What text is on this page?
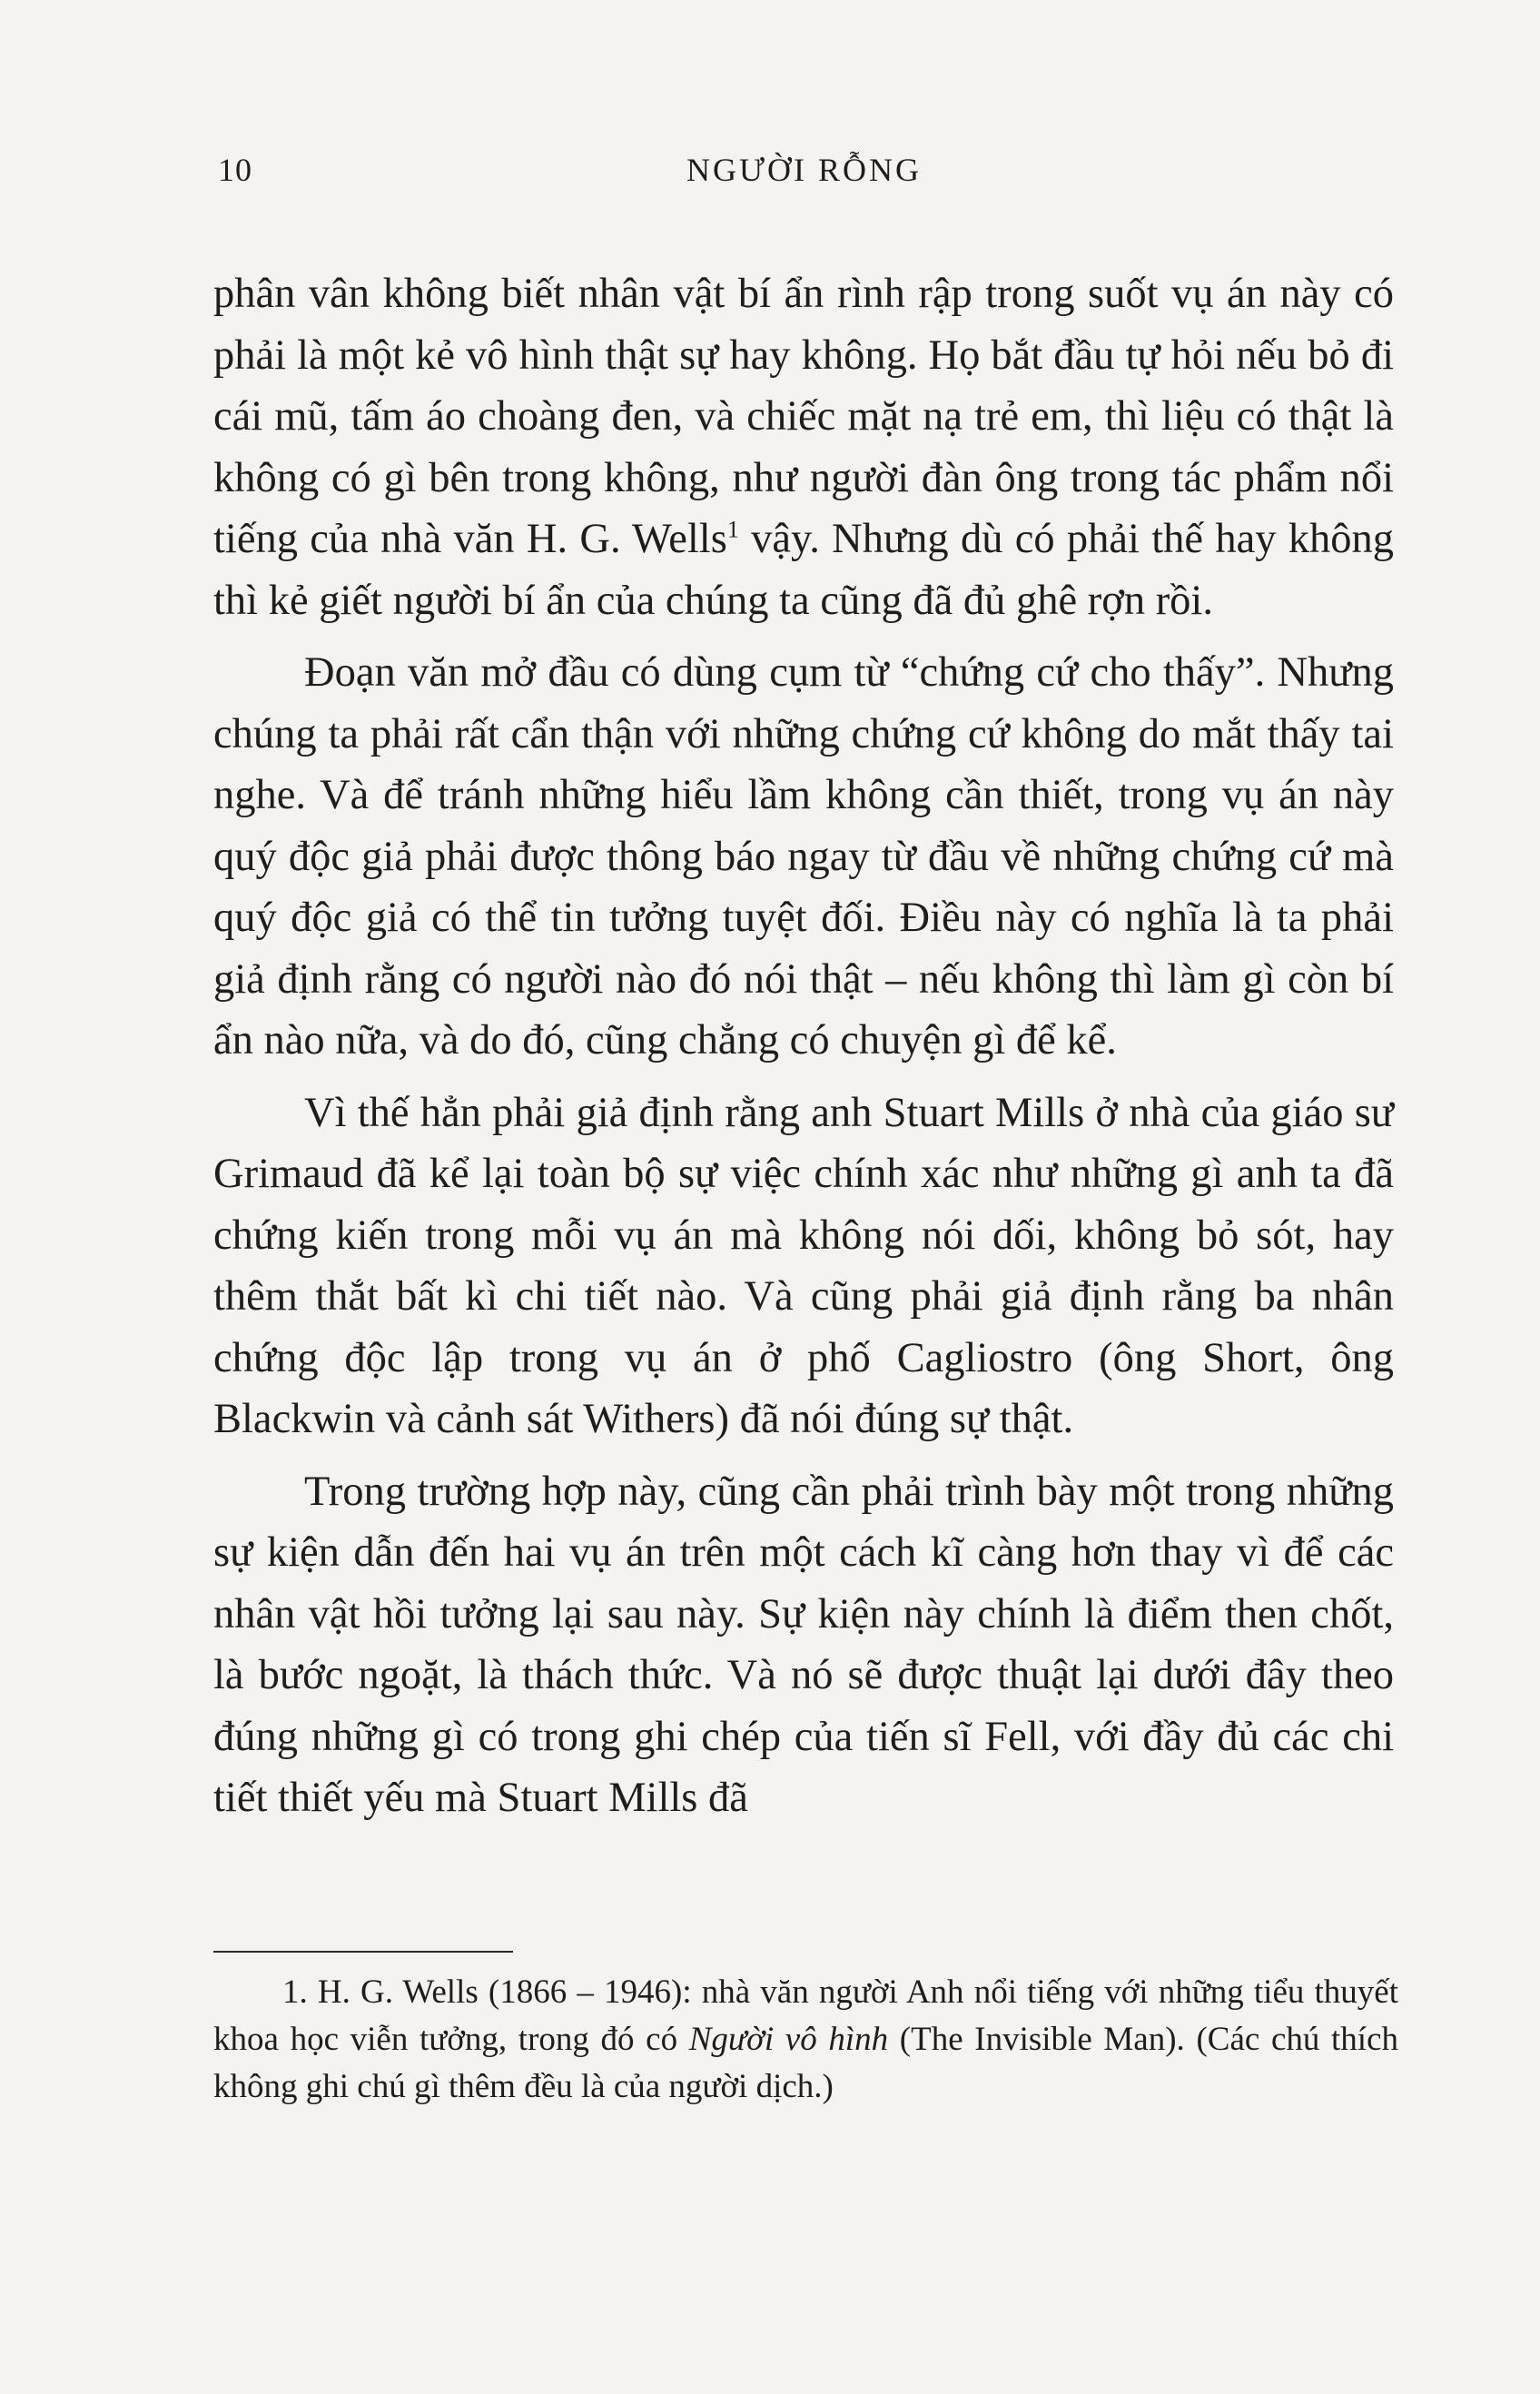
10	NGƯỜI RỖNG

phân vân không biết nhân vật bí ẩn rình rập trong suốt vụ án này có phải là một kẻ vô hình thật sự hay không. Họ bắt đầu tự hỏi nếu bỏ đi cái mũ, tấm áo choàng đen, và chiếc mặt nạ trẻ em, thì liệu có thật là không có gì bên trong không, như người đàn ông trong tác phẩm nổi tiếng của nhà văn H. G. Wells$^1$ vậy. Nhưng dù có phải thế hay không thì kẻ giết người bí ẩn của chúng ta cũng đã đủ ghê rợn rồi.

Đoạn văn mở đầu có dùng cụm từ “chứng cứ cho thấy”. Nhưng chúng ta phải rất cẩn thận với những chứng cứ không do mắt thấy tai nghe. Và để tránh những hiểu lầm không cần thiết, trong vụ án này quý độc giả phải được thông báo ngay từ đầu về những chứng cứ mà quý độc giả có thể tin tưởng tuyệt đối. Điều này có nghĩa là ta phải giả định rằng có người nào đó nói thật – nếu không thì làm gì còn bí ẩn nào nữa, và do đó, cũng chẳng có chuyện gì để kể.

Vì thế hẳn phải giả định rằng anh Stuart Mills ở nhà của giáo sư Grimaud đã kể lại toàn bộ sự việc chính xác như những gì anh ta đã chứng kiến trong mỗi vụ án mà không nói dối, không bỏ sót, hay thêm thắt bất kì chi tiết nào. Và cũng phải giả định rằng ba nhân chứng độc lập trong vụ án ở phố Cagliostro (ông Short, ông Blackwin và cảnh sát Withers) đã nói đúng sự thật.

Trong trường hợp này, cũng cần phải trình bày một trong những sự kiện dẫn đến hai vụ án trên một cách kĩ càng hơn thay vì để các nhân vật hồi tưởng lại sau này. Sự kiện này chính là điểm then chốt, là bước ngoặt, là thách thức. Và nó sẽ được thuật lại dưới đây theo đúng những gì có trong ghi chép của tiến sĩ Fell, với đầy đủ các chi tiết thiết yếu mà Stuart Mills đã

1. H. G. Wells (1866 – 1946): nhà văn người Anh nổi tiếng với những tiểu thuyết khoa học viễn tưởng, trong đó có Người vô hình (The Invisible Man). (Các chú thích không ghi chú gì thêm đều là của người dịch.)
